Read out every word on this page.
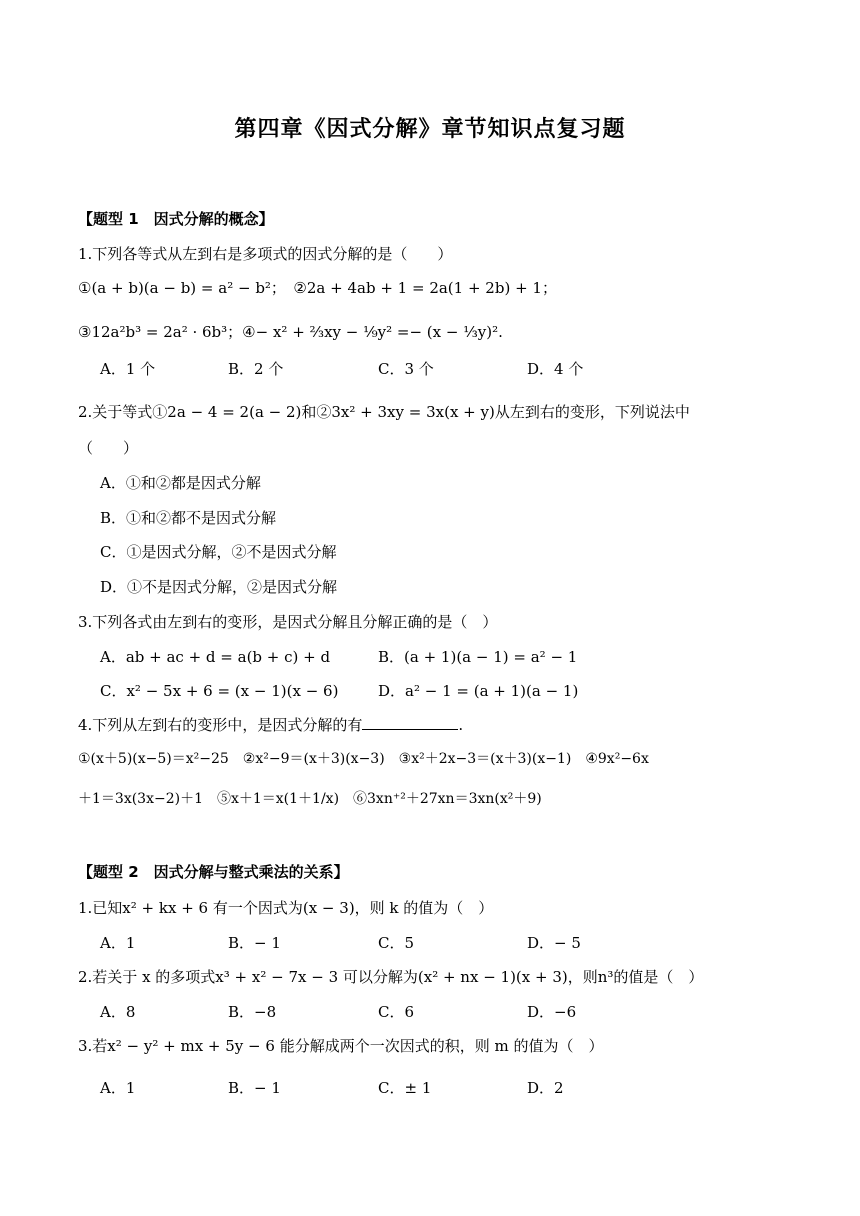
第四章《因式分解》章节知识点复习题
【题型 1　因式分解的概念】
1.下列各等式从左到右是多项式的因式分解的是（　　）
①(a + b)(a − b) = a² − b²；　②2a + 4ab + 1 = 2a(1 + 2b) + 1；
③12a²b³ = 2a² · 6b³；④− x² + ⅔xy − ⅑y² =− (x − ⅓y)².
A．1 个	B．2 个	C．3 个	D．4 个
2.关于等式①2a − 4 = 2(a − 2)和②3x² + 3xy = 3x(x + y)从左到右的变形，下列说法中
（　　）
A．①和②都是因式分解
B．①和②都不是因式分解
C．①是因式分解，②不是因式分解
D．①不是因式分解，②是因式分解
3.下列各式由左到右的变形，是因式分解且分解正确的是（　）
A．ab + ac + d = a(b + c) + d	B．(a + 1)(a − 1) = a² − 1
C．x² − 5x + 6 = (x − 1)(x − 6)	D．a² − 1 = (a + 1)(a − 1)
4.下列从左到右的变形中，是因式分解的有	.
①(x＋5)(x−5)＝x²−25　②x²−9＝(x＋3)(x−3)　③x²＋2x−3＝(x＋3)(x−1)　④9x²−6x
＋1＝3x(3x−2)＋1　⑤x＋1＝x(1＋1/x)　⑥3xn⁺²＋27xn＝3xn(x²＋9)
【题型 2　因式分解与整式乘法的关系】
1.已知x² + kx + 6 有一个因式为(x − 3)，则 k 的值为（　）
A．1	B．− 1	C．5	D．− 5
2.若关于 x 的多项式x³ + x² − 7x − 3 可以分解为(x² + nx − 1)(x + 3)，则n³的值是（　）
A．8	B．−8	C．6	D．−6
3.若x² − y² + mx + 5y − 6 能分解成两个一次因式的积，则 m 的值为（　）
A．1	B．− 1	C．± 1	D．2
